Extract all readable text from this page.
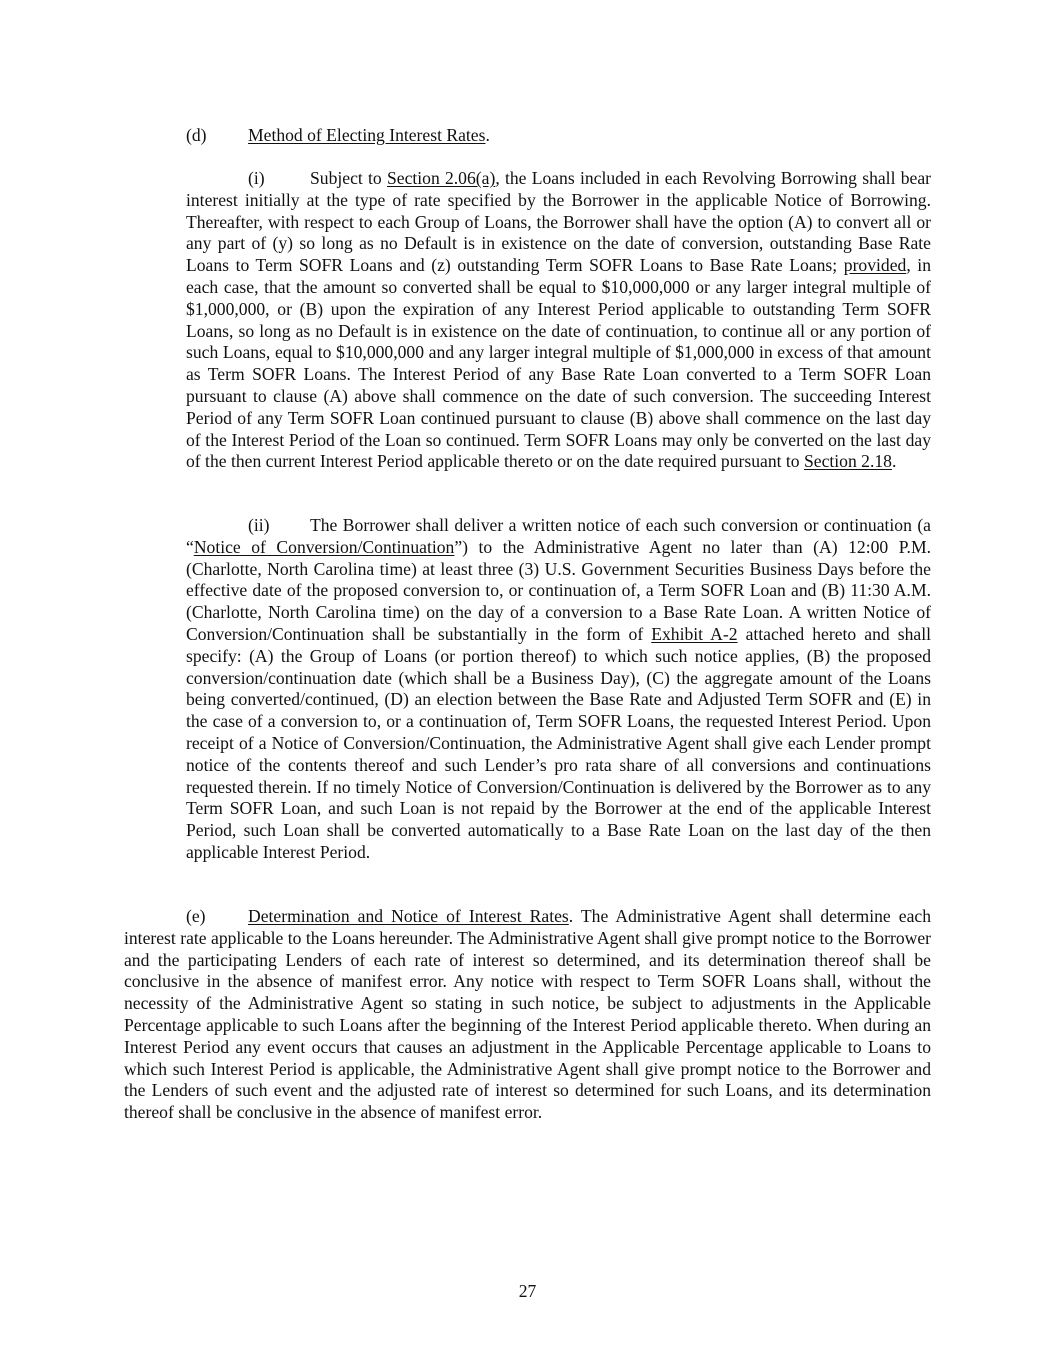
(d) Method of Electing Interest Rates.
(i)	Subject to Section 2.06(a), the Loans included in each Revolving Borrowing shall bear interest initially at the type of rate specified by the Borrower in the applicable Notice of Borrowing. Thereafter, with respect to each Group of Loans, the Borrower shall have the option (A) to convert all or any part of (y) so long as no Default is in existence on the date of conversion, outstanding Base Rate Loans to Term SOFR Loans and (z) outstanding Term SOFR Loans to Base Rate Loans; provided, in each case, that the amount so converted shall be equal to $10,000,000 or any larger integral multiple of $1,000,000, or (B) upon the expiration of any Interest Period applicable to outstanding Term SOFR Loans, so long as no Default is in existence on the date of continuation, to continue all or any portion of such Loans, equal to $10,000,000 and any larger integral multiple of $1,000,000 in excess of that amount as Term SOFR Loans. The Interest Period of any Base Rate Loan converted to a Term SOFR Loan pursuant to clause (A) above shall commence on the date of such conversion. The succeeding Interest Period of any Term SOFR Loan continued pursuant to clause (B) above shall commence on the last day of the Interest Period of the Loan so continued. Term SOFR Loans may only be converted on the last day of the then current Interest Period applicable thereto or on the date required pursuant to Section 2.18.
(ii) The Borrower shall deliver a written notice of each such conversion or continuation (a “Notice of Conversion/Continuation”) to the Administrative Agent no later than (A) 12:00 P.M. (Charlotte, North Carolina time) at least three (3) U.S. Government Securities Business Days before the effective date of the proposed conversion to, or continuation of, a Term SOFR Loan and (B) 11:30 A.M. (Charlotte, North Carolina time) on the day of a conversion to a Base Rate Loan. A written Notice of Conversion/Continuation shall be substantially in the form of Exhibit A-2 attached hereto and shall specify: (A) the Group of Loans (or portion thereof) to which such notice applies, (B) the proposed conversion/continuation date (which shall be a Business Day), (C) the aggregate amount of the Loans being converted/continued, (D) an election between the Base Rate and Adjusted Term SOFR and (E) in the case of a conversion to, or a continuation of, Term SOFR Loans, the requested Interest Period. Upon receipt of a Notice of Conversion/Continuation, the Administrative Agent shall give each Lender prompt notice of the contents thereof and such Lender’s pro rata share of all conversions and continuations requested therein. If no timely Notice of Conversion/Continuation is delivered by the Borrower as to any Term SOFR Loan, and such Loan is not repaid by the Borrower at the end of the applicable Interest Period, such Loan shall be converted automatically to a Base Rate Loan on the last day of the then applicable Interest Period.
(e) Determination and Notice of Interest Rates. The Administrative Agent shall determine each interest rate applicable to the Loans hereunder. The Administrative Agent shall give prompt notice to the Borrower and the participating Lenders of each rate of interest so determined, and its determination thereof shall be conclusive in the absence of manifest error. Any notice with respect to Term SOFR Loans shall, without the necessity of the Administrative Agent so stating in such notice, be subject to adjustments in the Applicable Percentage applicable to such Loans after the beginning of the Interest Period applicable thereto. When during an Interest Period any event occurs that causes an adjustment in the Applicable Percentage applicable to Loans to which such Interest Period is applicable, the Administrative Agent shall give prompt notice to the Borrower and the Lenders of such event and the adjusted rate of interest so determined for such Loans, and its determination thereof shall be conclusive in the absence of manifest error.
27
